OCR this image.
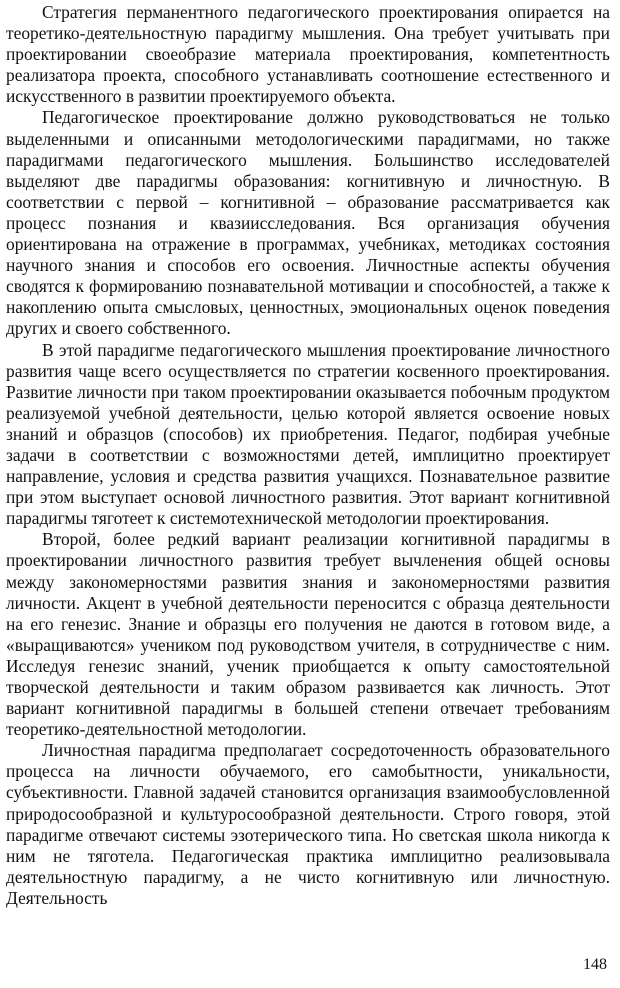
Стратегия перманентного педагогического проектирования опирается на теоретико-деятельностную парадигму мышления. Она требует учитывать при проектировании своеобразие материала проектирования, компетентность реализатора проекта, способного устанавливать соотношение естественного и искусственного в развитии проектируемого объекта.

Педагогическое проектирование должно руководствоваться не только выделенными и описанными методологическими парадигмами, но также парадигмами педагогического мышления. Большинство исследователей выделяют две парадигмы образования: когнитивную и личностную. В соответствии с первой – когнитивной – образование рассматривается как процесс познания и квазиисследования. Вся организация обучения ориентирована на отражение в программах, учебниках, методиках состояния научного знания и способов его освоения. Личностные аспекты обучения сводятся к формированию познавательной мотивации и способностей, а также к накоплению опыта смысловых, ценностных, эмоциональных оценок поведения других и своего собственного.

В этой парадигме педагогического мышления проектирование личностного развития чаще всего осуществляется по стратегии косвенного проектирования. Развитие личности при таком проектировании оказывается побочным продуктом реализуемой учебной деятельности, целью которой является освоение новых знаний и образцов (способов) их приобретения. Педагог, подбирая учебные задачи в соответствии с возможностями детей, имплицитно проектирует направление, условия и средства развития учащихся. Познавательное развитие при этом выступает основой личностного развития. Этот вариант когнитивной парадигмы тяготеет к системотехнической методологии проектирования.

Второй, более редкий вариант реализации когнитивной парадигмы в проектировании личностного развития требует вычленения общей основы между закономерностями развития знания и закономерностями развития личности. Акцент в учебной деятельности переносится с образца деятельности на его генезис. Знание и образцы его получения не даются в готовом виде, а «выращиваются» учеником под руководством учителя, в сотрудничестве с ним. Исследуя генезис знаний, ученик приобщается к опыту самостоятельной творческой деятельности и таким образом развивается как личность. Этот вариант когнитивной парадигмы в большей степени отвечает требованиям теоретико-деятельностной методологии.

Личностная парадигма предполагает сосредоточенность образовательного процесса на личности обучаемого, его самобытности, уникальности, субъективности. Главной задачей становится организация взаимообусловленной природосообразной и культуросообразной деятельности. Строго говоря, этой парадигме отвечают системы эзотерического типа. Но светская школа никогда к ним не тяготела. Педагогическая практика имплицитно реализовывала деятельностную парадигму, а не чисто когнитивную или личностную. Деятельность

148
